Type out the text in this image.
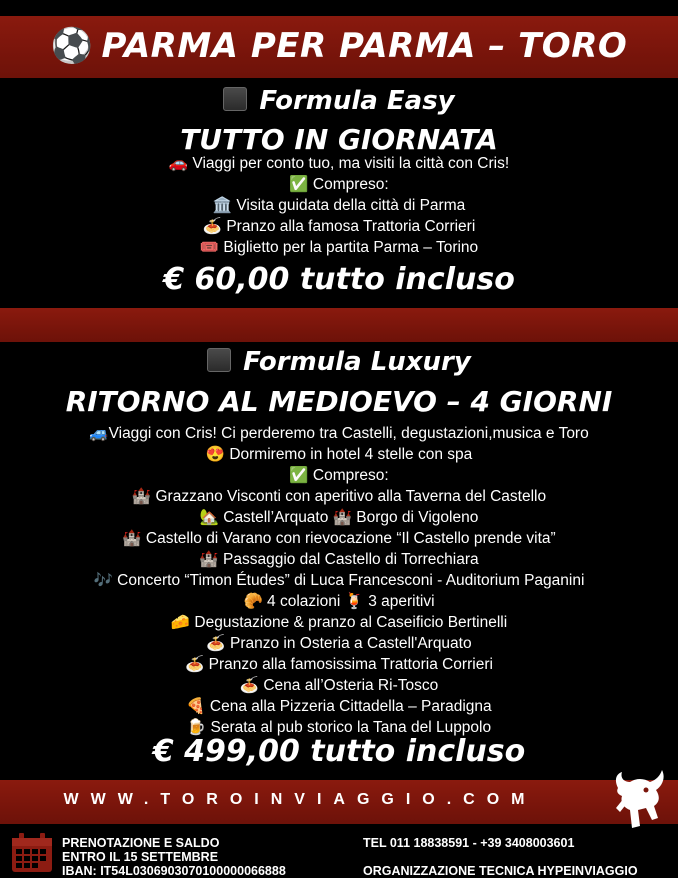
⚽ PARMA PER PARMA – TORO
Formula Easy
TUTTO IN GIORNATA
🚗 Viaggi per conto tuo, ma visiti la città con Cris!
✅ Compreso:
🏛️ Visita guidata della città di Parma
🍝 Pranzo alla famosa Trattoria Corrieri
🎟️ Biglietto per la partita Parma – Torino
€ 60,00 tutto incluso
Formula Luxury
RITORNO AL MEDIOEVO – 4 GIORNI
🚙Viaggi con Cris! Ci perderemo tra Castelli, degustazioni,musica e Toro
😍 Dormiremo in hotel 4 stelle con spa
✅ Compreso:
🏰 Grazzano Visconti con aperitivo alla Taverna del Castello
🏡 Castell’Arquato 🏰 Borgo di Vigoleno
🏰 Castello di Varano con rievocazione “Il Castello prende vita”
🏰 Passaggio dal Castello di Torrechiara
🎶 Concerto “Timon Études” di Luca Francesconi - Auditorium Paganini
🥐 4 colazioni 🍹 3 aperitivi
🧀 Degustazione & pranzo al Caseificio Bertinelli
🍝 Pranzo in Osteria a Castell'Arquato
🍝 Pranzo alla famosissima Trattoria Corrieri
🍝 Cena all’Osteria Ri-Tosco
🍕 Cena alla Pizzeria Cittadella – Paradigna
🍺 Serata al pub storico la Tana del Luppolo
€ 499,00 tutto incluso
WWW.TOROINVIAGGIO.COM
PRENOTAZIONE E SALDO
ENTRO IL 15 SETTEMBRE
IBAN: IT54L0306903070100000066888
TEL 011 18838591 - +39 3408003601
ORGANIZZAZIONE TECNICA HYPEINVIAGGIO
